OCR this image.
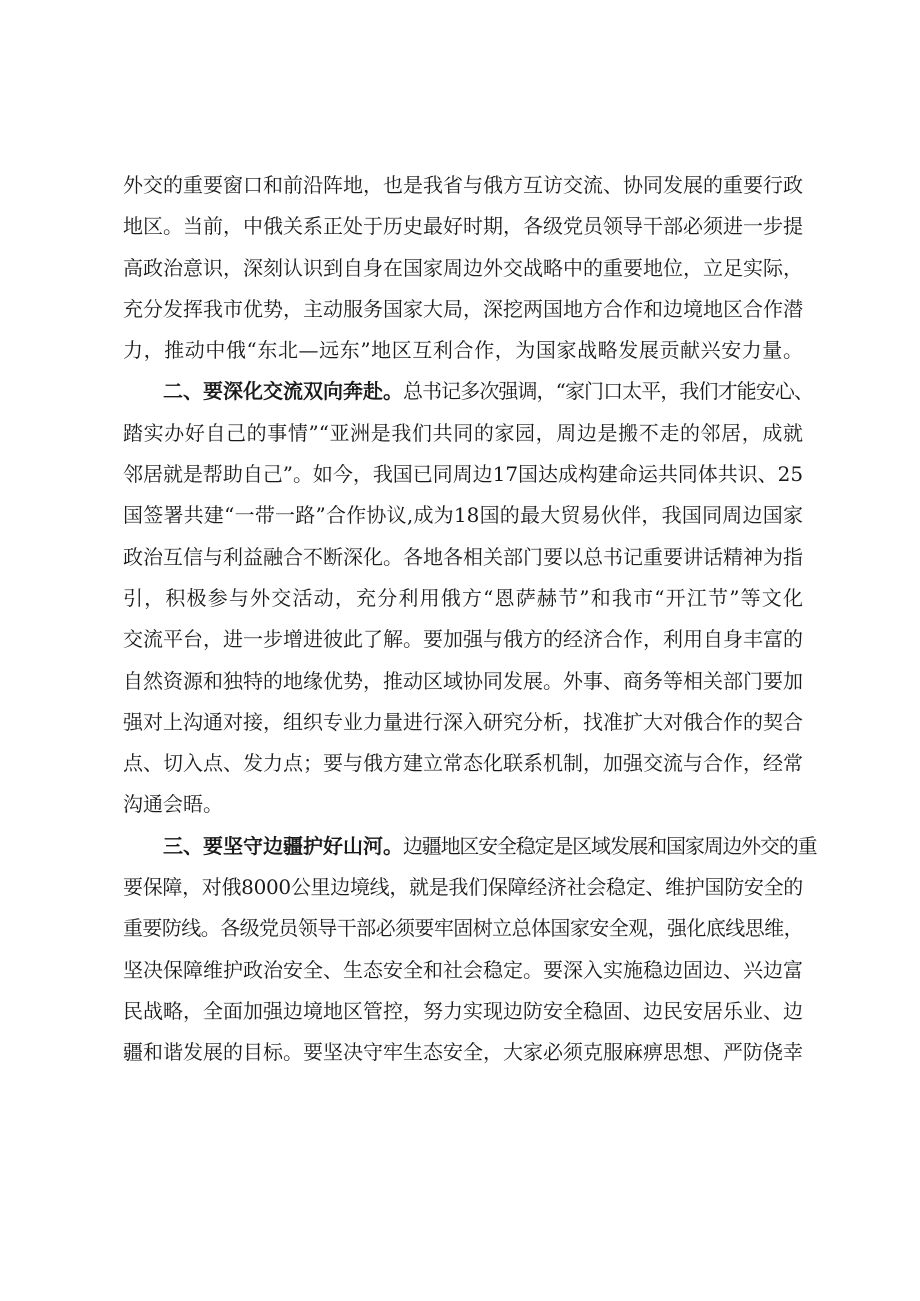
外交的重要窗口和前沿阵地，也是我省与俄方互访交流、协同发展的重要行政
地区。当前，中俄关系正处于历史最好时期，各级党员领导干部必须进一步提
高政治意识，深刻认识到自身在国家周边外交战略中的重要地位，立足实际，
充分发挥我市优势，主动服务国家大局，深挖两国地方合作和边境地区合作潜
力，推动中俄“东北—远东”地区互利合作，为国家战略发展贡献兴安力量。

二、要深化交流双向奔赴。总书记多次强调，“家门口太平，我们才能安心、
踏实办好自己的事情”“亚洲是我们共同的家园，周边是搬不走的邻居，成就
邻居就是帮助自己”。如今，我国已同周边17国达成构建命运共同体共识、25
国签署共建“一带一路”合作协议,成为18国的最大贸易伙伴，我国同周边国家
政治互信与利益融合不断深化。各地各相关部门要以总书记重要讲话精神为指
引，积极参与外交活动，充分利用俄方“恩萨赫节”和我市“开江节”等文化
交流平台，进一步增进彼此了解。要加强与俄方的经济合作，利用自身丰富的
自然资源和独特的地缘优势，推动区域协同发展。外事、商务等相关部门要加
强对上沟通对接，组织专业力量进行深入研究分析，找准扩大对俄合作的契合
点、切入点、发力点；要与俄方建立常态化联系机制，加强交流与合作，经常
沟通会晤。

三、要坚守边疆护好山河。边疆地区安全稳定是区域发展和国家周边外交的重
要保障，对俄8000公里边境线，就是我们保障经济社会稳定、维护国防安全的
重要防线。各级党员领导干部必须要牢固树立总体国家安全观，强化底线思维，
坚决保障维护政治安全、生态安全和社会稳定。要深入实施稳边固边、兴边富
民战略，全面加强边境地区管控，努力实现边防安全稳固、边民安居乐业、边
疆和谐发展的目标。要坚决守牢生态安全，大家必须克服麻痹思想、严防侥幸
